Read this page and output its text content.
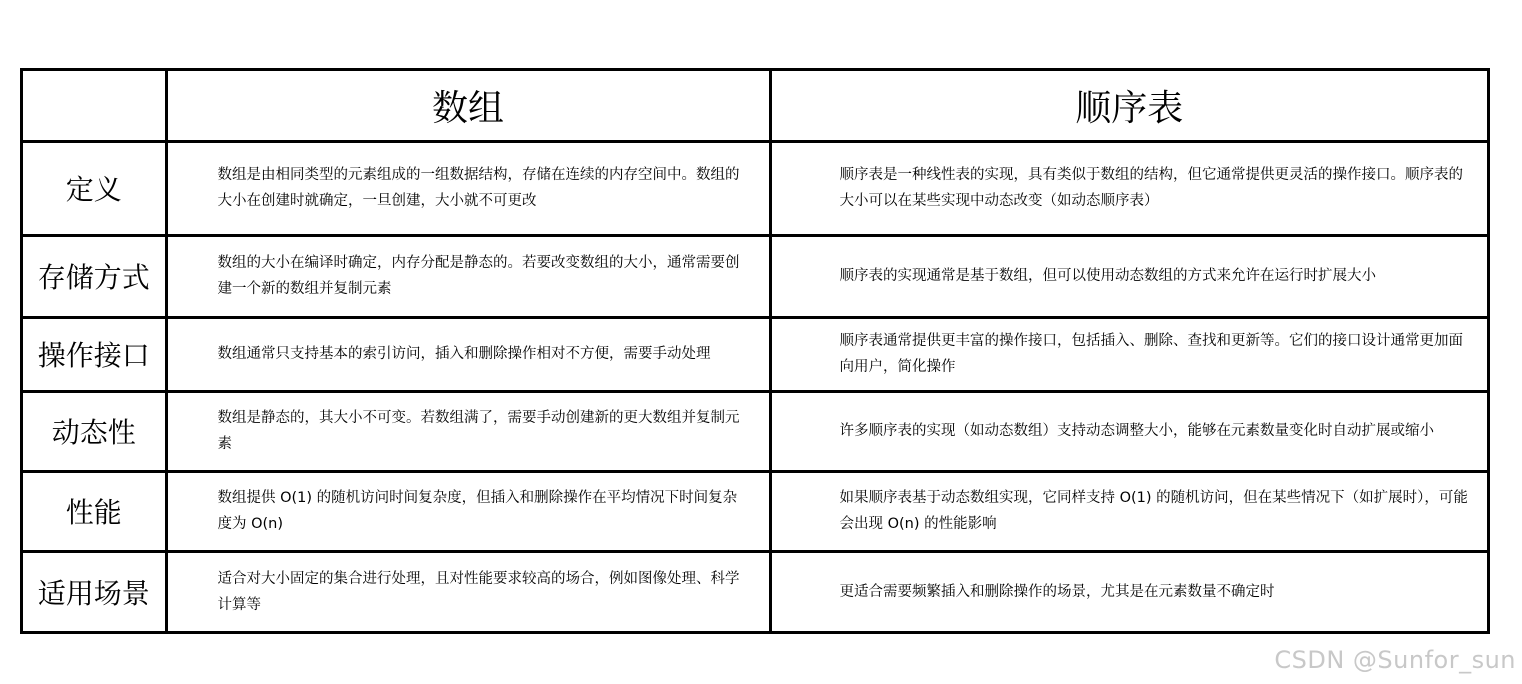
	数组	顺序表
定义	数组是由相同类型的元素组成的一组数据结构，存储在连续的内存空间中。数组的大小在创建时就确定，一旦创建，大小就不可更改	顺序表是一种线性表的实现，具有类似于数组的结构，但它通常提供更灵活的操作接口。顺序表的大小可以在某些实现中动态改变（如动态顺序表）
存储方式	数组的大小在编译时确定，内存分配是静态的。若要改变数组的大小，通常需要创建一个新的数组并复制元素	顺序表的实现通常是基于数组，但可以使用动态数组的方式来允许在运行时扩展大小
操作接口	数组通常只支持基本的索引访问，插入和删除操作相对不方便，需要手动处理	顺序表通常提供更丰富的操作接口，包括插入、删除、查找和更新等。它们的接口设计通常更加面向用户，简化操作
动态性	数组是静态的，其大小不可变。若数组满了，需要手动创建新的更大数组并复制元素	许多顺序表的实现（如动态数组）支持动态调整大小，能够在元素数量变化时自动扩展或缩小
性能	数组提供 O(1) 的随机访问时间复杂度，但插入和删除操作在平均情况下时间复杂度为 O(n)	如果顺序表基于动态数组实现，它同样支持 O(1) 的随机访问，但在某些情况下（如扩展时），可能会出现 O(n) 的性能影响
适用场景	适合对大小固定的集合进行处理，且对性能要求较高的场合，例如图像处理、科学计算等	更适合需要频繁插入和删除操作的场景，尤其是在元素数量不确定时
CSDN @Sunfor_sun
